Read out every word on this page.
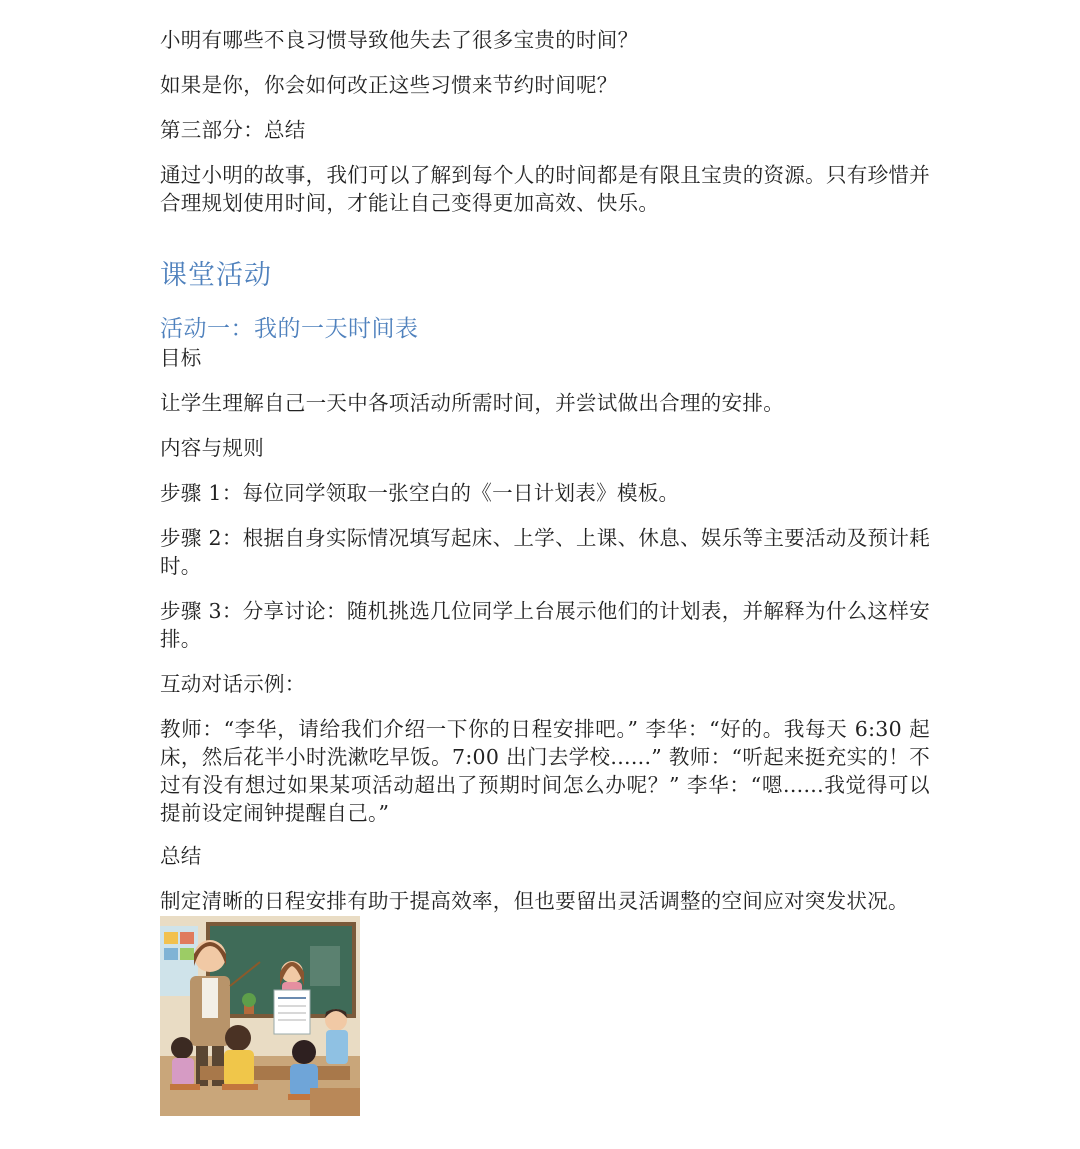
小明有哪些不良习惯导致他失去了很多宝贵的时间？

如果是你，你会如何改正这些习惯来节约时间呢？

第三部分：总结

通过小明的故事，我们可以了解到每个人的时间都是有限且宝贵的资源。只有珍惜并合理规划使用时间，才能让自己变得更加高效、快乐。

课堂活动
活动一：我的一天时间表

目标

让学生理解自己一天中各项活动所需时间，并尝试做出合理的安排。

内容与规则

步骤 1：每位同学领取一张空白的《一日计划表》模板。

步骤 2：根据自身实际情况填写起床、上学、上课、休息、娱乐等主要活动及预计耗时。

步骤 3：分享讨论：随机挑选几位同学上台展示他们的计划表，并解释为什么这样安排。

互动对话示例：

教师：“李华，请给我们介绍一下你的日程安排吧。” 李华：“好的。我每天 6:30 起床，然后花半小时洗漱吃早饭。7:00 出门去学校......” 教师：“听起来挺充实的！不过有没有想过如果某项活动超出了预期时间怎么办呢？” 李华：“嗯......我觉得可以提前设定闹钟提醒自己。”

总结

制定清晰的日程安排有助于提高效率，但也要留出灵活调整的空间应对突发状况。
